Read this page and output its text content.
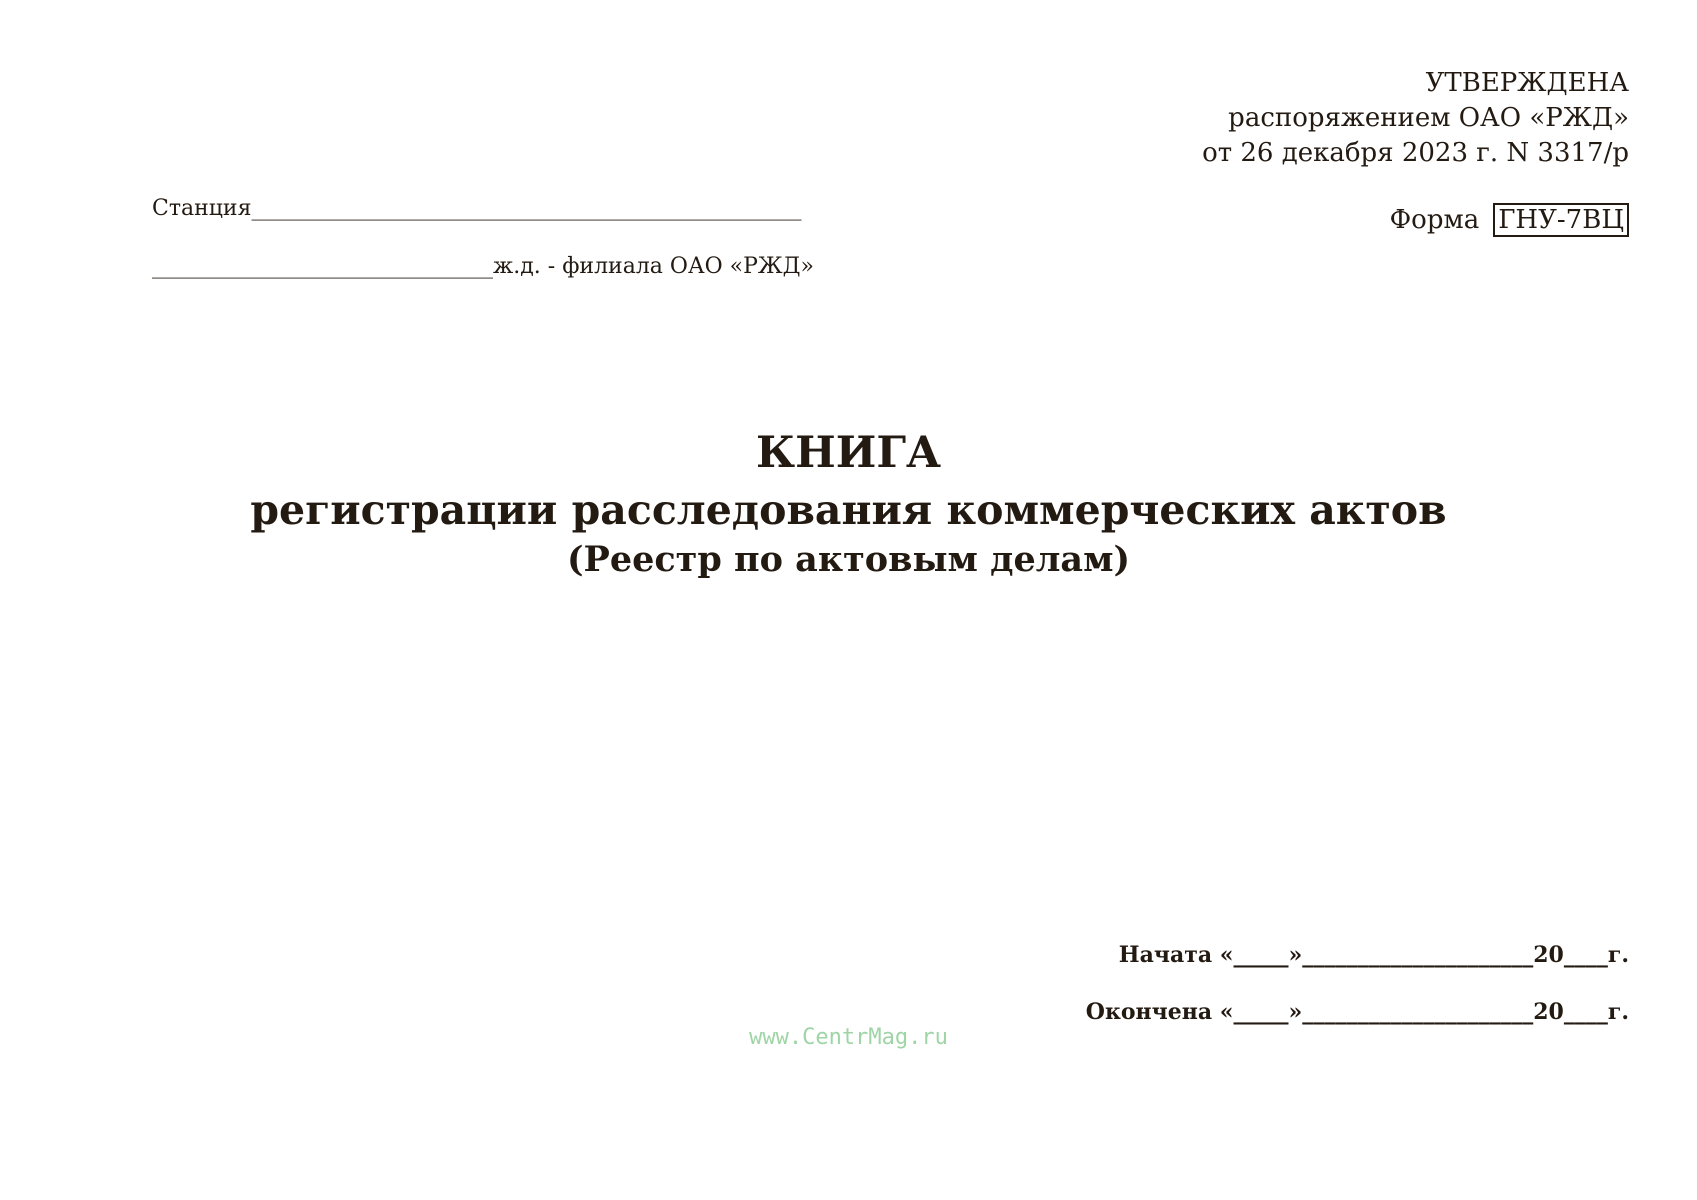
УТВЕРЖДЕНА
распоряжением ОАО «РЖД»
от 26 декабря 2023 г. N 3317/р
Форма ГНУ-7ВЦ
Станция__________________________________________________
_______________________________ж.д. - филиала ОАО «РЖД»
КНИГА
регистрации расследования коммерческих актов
(Реестр по актовым делам)
Начата «_____»_____________________20____г.
Окончена «_____»_____________________20____г.
www.CentrMag.ru
